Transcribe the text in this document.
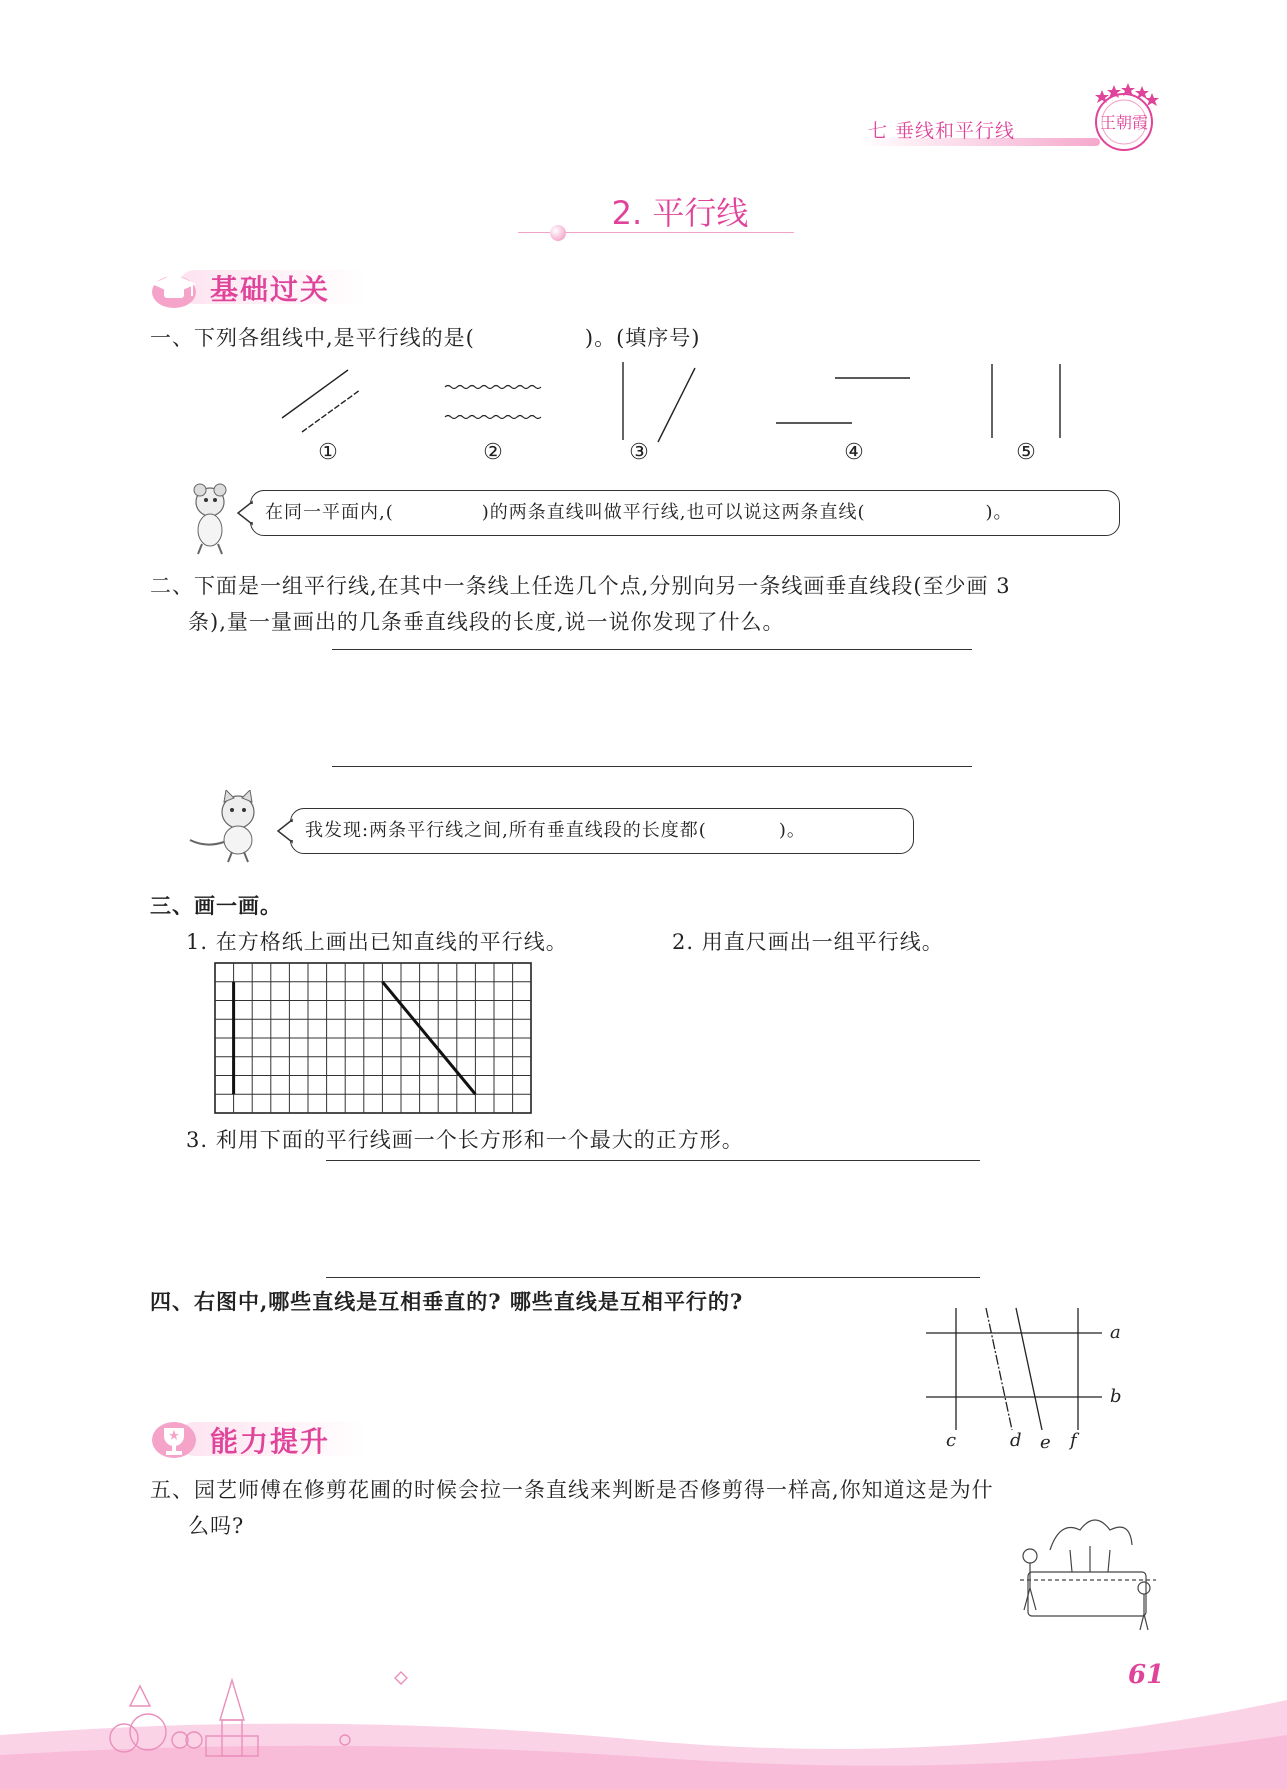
七 垂线和平行线	王朝霞
2. 平行线
基础过关
一、下列各组线中,是平行线的是(	)。(填序号)
①	②	③	④	⑤
在同一平面内,(	)的两条直线叫做平行线,也可以说这两条直线(	)。
二、下面是一组平行线,在其中一条线上任选几个点,分别向另一条线画垂直线段(至少画 3
条),量一量画出的几条垂直线段的长度,说一说你发现了什么。
我发现:两条平行线之间,所有垂直线段的长度都(	)。
三、画一画。
1. 在方格纸上画出已知直线的平行线。	2. 用直尺画出一组平行线。
3. 利用下面的平行线画一个长方形和一个最大的正方形。
四、右图中,哪些直线是互相垂直的? 哪些直线是互相平行的?
a
b
c	d e f
能力提升
五、园艺师傅在修剪花圃的时候会拉一条直线来判断是否修剪得一样高,你知道这是为什
么吗?
61
